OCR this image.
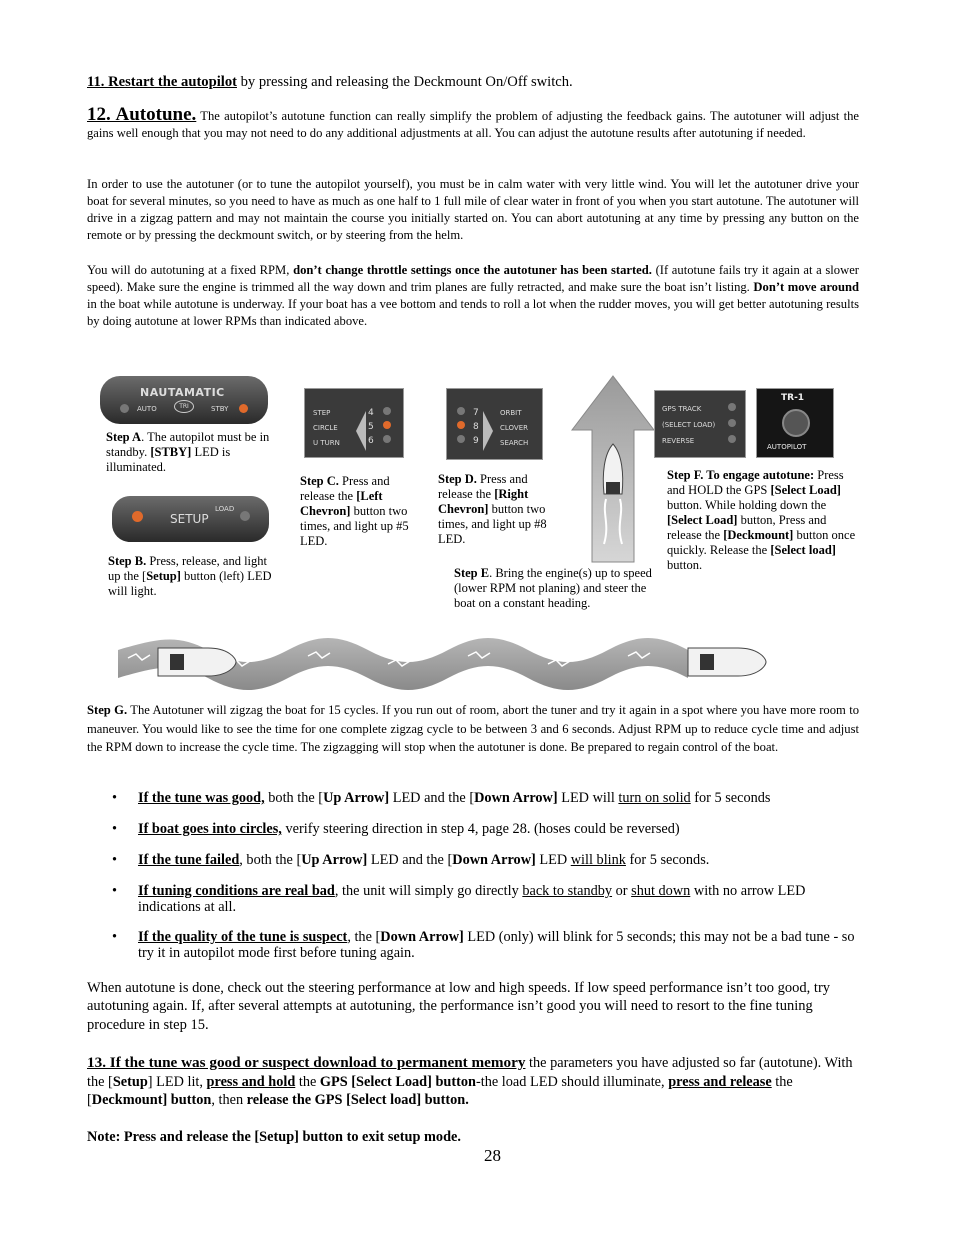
11. Restart the autopilot by pressing and releasing the Deckmount On/Off switch.

12. Autotune. The autopilot’s autotune function can really simplify the problem of adjusting the feedback gains. The autotuner will adjust the gains well enough that you may not need to do any additional adjustments at all. You can adjust the autotune results after autotuning if needed.

In order to use the autotuner (or to tune the autopilot yourself), you must be in calm water with very little wind. You will let the autotuner drive your boat for several minutes, so you need to have as much as one half to 1 full mile of clear water in front of you when you start autotune. The autotuner will drive in a zigzag pattern and may not maintain the course you initially started on. You can abort autotuning at any time by pressing any button on the remote or by pressing the deckmount switch, or by steering from the helm.

You will do autotuning at a fixed RPM, don’t change throttle settings once the autotuner has been started. (If autotune fails try it again at a slower speed). Make sure the engine is trimmed all the way down and trim planes are fully retracted, and make sure the boat isn’t listing. Don’t move around in the boat while autotune is underway. If your boat has a vee bottom and tends to roll a lot when the rudder moves, you will get better autotuning results by doing autotune at lower RPMs than indicated above.

NAUTAMATIC
AUTO	TRI	STBY

Step A. The autopilot must be in standby. [STBY] LED is illuminated.

SETUP
LOAD

Step B. Press, release, and light up the [Setup] button (left) LED will light.

STEP
CIRCLE
U TURN
4
5
6

Step C. Press and release the [Left Chevron] button two times, and light up #5 LED.

7
8
9
ORBIT
CLOVER
SEARCH

Step D. Press and release the [Right Chevron] button two times, and light up #8 LED.

Step E. Bring the engine(s) up to speed (lower RPM not planing) and steer the boat on a constant heading.

GPS TRACK
(SELECT LOAD)
REVERSE
TR-1
AUTOPILOT

Step F. To engage autotune: Press and HOLD the GPS [Select Load] button. While holding down the [Select Load] button, Press and release the [Deckmount] button once quickly. Release the [Select load] button.

Step G. The Autotuner will zigzag the boat for 15 cycles. If you run out of room, abort the tuner and try it again in a spot where you have more room to maneuver. You would like to see the time for one complete zigzag cycle to be between 3 and 6 seconds. Adjust RPM up to reduce cycle time and adjust the RPM down to increase the cycle time. The zigzagging will stop when the autotuner is done. Be prepared to regain control of the boat.

• If the tune was good, both the [Up Arrow] LED and the [Down Arrow] LED will turn on solid for 5 seconds
• If boat goes into circles, verify steering direction in step 4, page 28. (hoses could be reversed)
• If the tune failed, both the [Up Arrow] LED and the [Down Arrow] LED will blink for 5 seconds.
• If tuning conditions are real bad, the unit will simply go directly back to standby or shut down with no arrow LED indications at all.
• If the quality of the tune is suspect, the [Down Arrow] LED (only) will blink for 5 seconds; this may not be a bad tune - so try it in autopilot mode first before tuning again.

When autotune is done, check out the steering performance at low and high speeds. If low speed performance isn’t too good, try autotuning again. If, after several attempts at autotuning, the performance isn’t good you will need to resort to the fine tuning procedure in step 15.

13. If the tune was good or suspect download to permanent memory the parameters you have adjusted so far (autotune). With the [Setup] LED lit, press and hold the GPS [Select Load] button-the load LED should illuminate, press and release the [Deckmount] button, then release the GPS [Select load] button.

Note: Press and release the [Setup] button to exit setup mode.

28
